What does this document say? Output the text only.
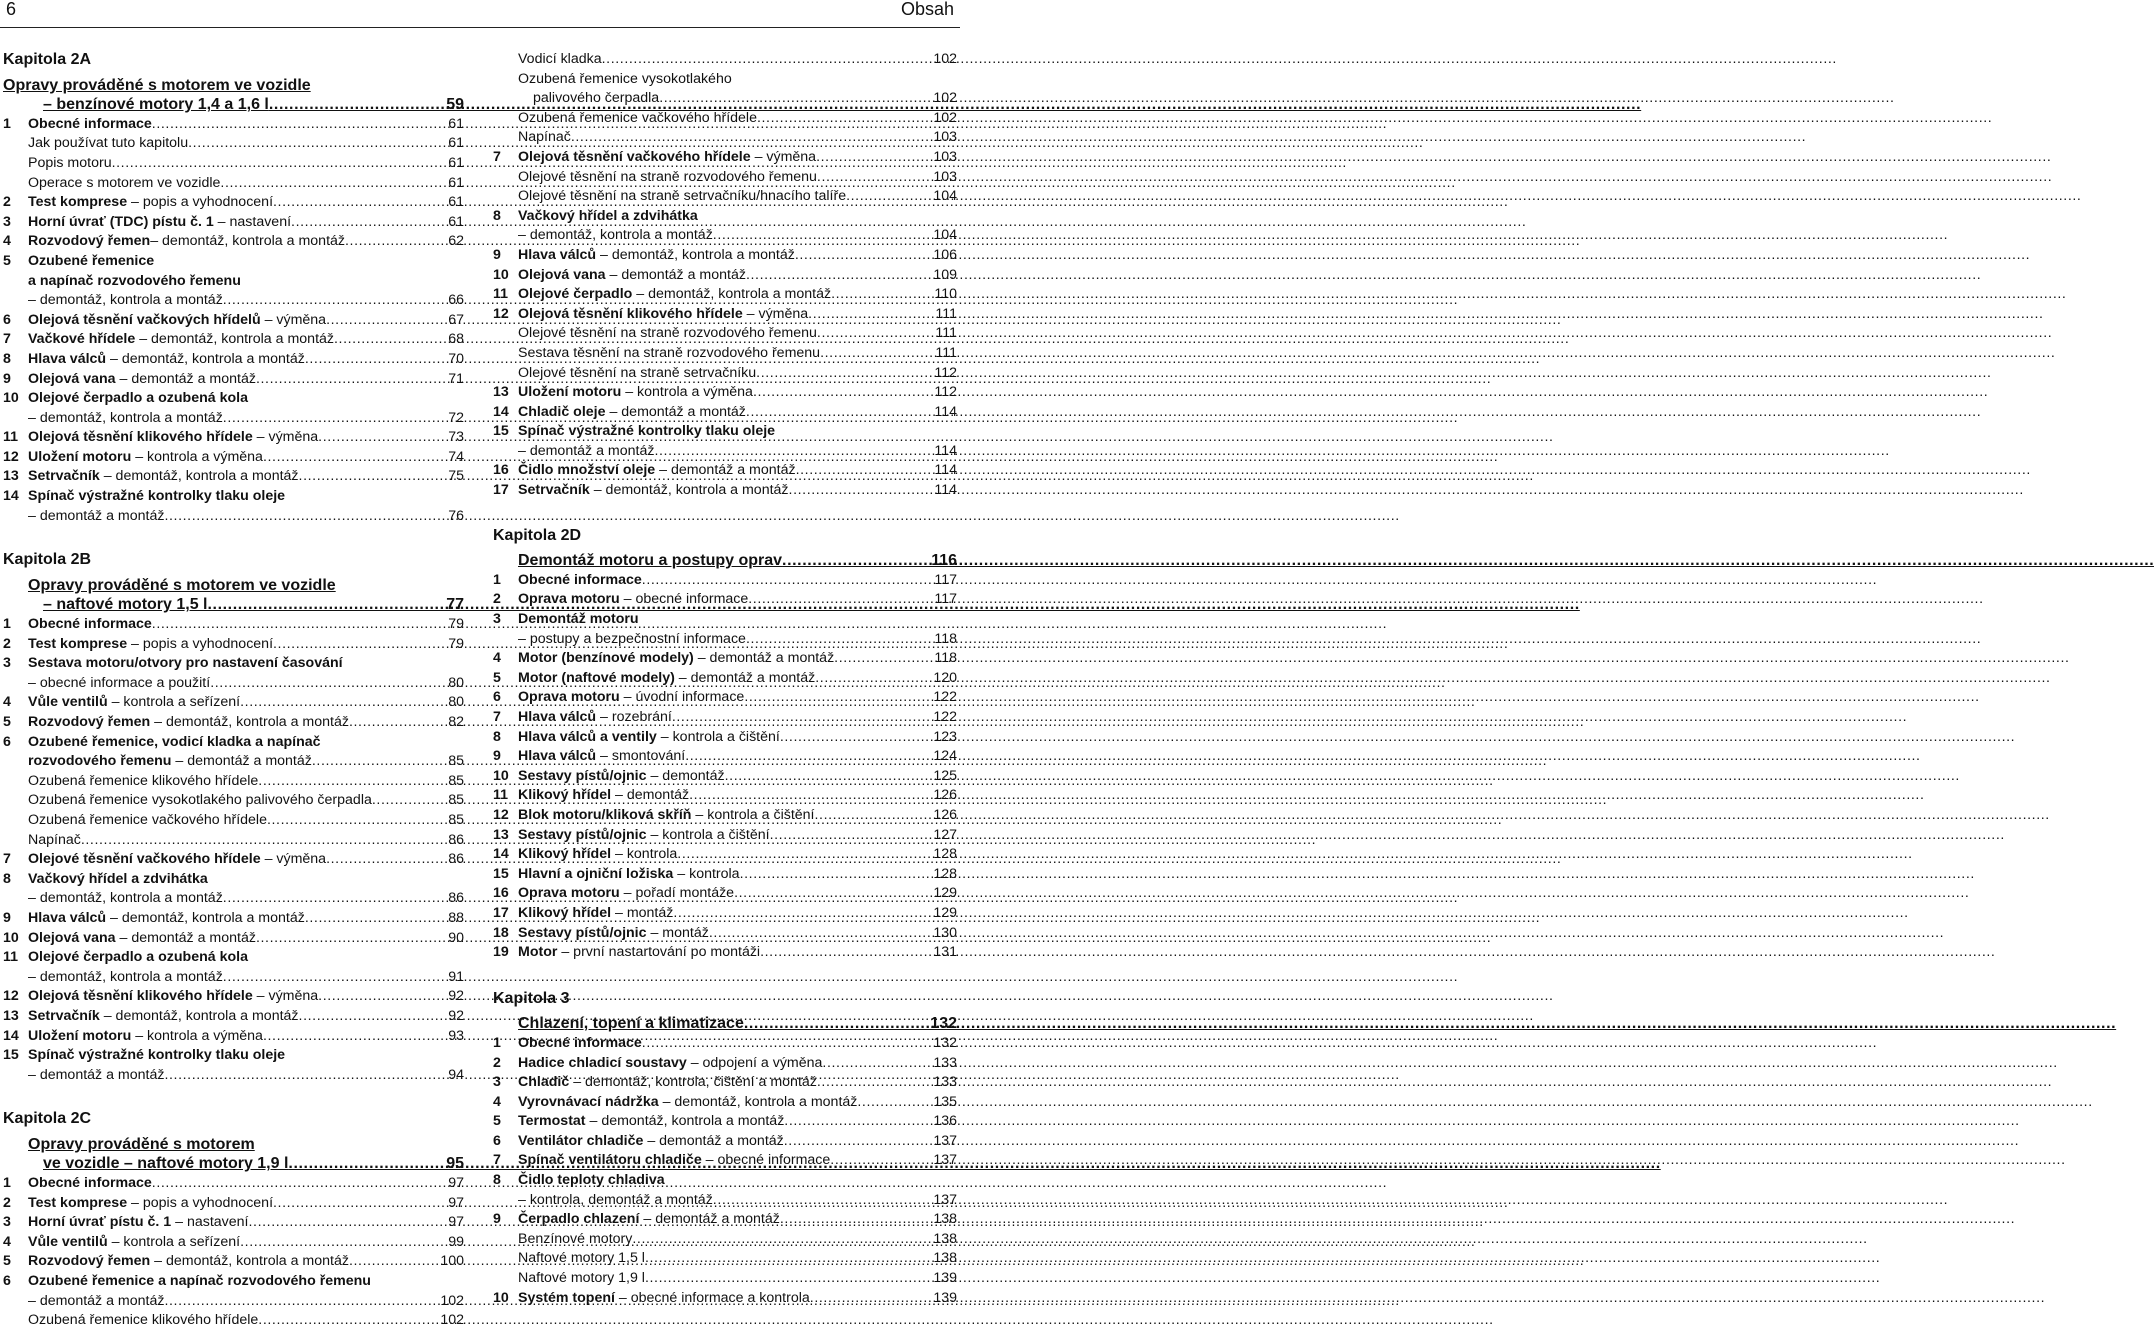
6	Obsah
Kapitola 2A
Opravy prováděné s motorem ve vozidle
– benzínové motory 1,4 a 1,6 l .....	59
1	Obecné informace .....	61
Jak používat tuto kapitolu .....	61
Popis motoru .....	61
Operace s motorem ve vozidle .....	61
2	Test komprese – popis a vyhodnocení .....	61
3	Horní úvrať (TDC) pístu č. 1 – nastavení .....	61
4	Rozvodový řemen – demontáž, kontrola a montáž .....	62
5	Ozubené řemenice
a napínač rozvodového řemenu
– demontáž, kontrola a montáž .....	66
6	Olejová těsnění vačkových hřídelů – výměna .....	67
7	Vačkové hřídele – demontáž, kontrola a montáž .....	68
8	Hlava válců – demontáž, kontrola a montáž .....	70
9	Olejová vana – demontáž a montáž .....	71
10 Olejové čerpadlo a ozubená kola
– demontáž, kontrola a montáž .....	72
11 Olejová těsnění klikového hřídele – výměna .....	73
12 Uložení motoru – kontrola a výměna .....	74
13 Setrvačník – demontáž, kontrola a montáž .....	75
14 Spínač výstražné kontrolky tlaku oleje
– demontáž a montáž .....	76
Kapitola 2B
Opravy prováděné s motorem ve vozidle
– naftové motory 1,5 l .....	77
1	Obecné informace .....	79
2	Test komprese – popis a vyhodnocení .....	79
3	Sestava motoru/otvory pro nastavení časování
– obecné informace a použití .....	80
4	Vůle ventilů – kontrola a seřízení .....	80
5	Rozvodový řemen – demontáž, kontrola a montáž .....	82
6	Ozubené řemenice, vodicí kladka a napínač
rozvodového řemenu – demontáž a montáž .....	85
Ozubená řemenice klikového hřídele .....	85
Ozubená řemenice vysokotlakého palivového čerpadla .....	85
Ozubená řemenice vačkového hřídele .....	85
Napínač .....	86
7	Olejové těsnění vačkového hřídele – výměna .....	86
8	Vačkový hřídel a zdvihátka
– demontáž, kontrola a montáž .....	86
9	Hlava válců – demontáž, kontrola a montáž .....	88
10 Olejová vana – demontáž a montáž .....	90
11 Olejové čerpadlo a ozubená kola
– demontáž, kontrola a montáž .....	91
12 Olejová těsnění klikového hřídele – výměna .....	92
13 Setrvačník – demontáž, kontrola a montáž .....	92
14 Uložení motoru – kontrola a výměna .....	93
15 Spínač výstražné kontrolky tlaku oleje
– demontáž a montáž .....	94
Kapitola 2C
Opravy prováděné s motorem
ve vozidle – naftové motory 1,9 l .....	95
1	Obecné informace .....	97
2	Test komprese – popis a vyhodnocení .....	97
3	Horní úvrať pístu č. 1 – nastavení .....	97
4	Vůle ventilů – kontrola a seřízení .....	99
5	Rozvodový řemen – demontáž, kontrola a montáž .....	100
6	Ozubené řemenice a napínač rozvodového řemenu
– demontáž a montáž .....	102
Ozubená řemenice klikového hřídele .....	102
Vodicí kladka .....	102
Ozubená řemenice vysokotlakého
palivového čerpadla .....	102
Ozubená řemenice vačkového hřídele .....	102
Napínač .....	103
7	Olejová těsnění vačkového hřídele – výměna .....	103
Olejové těsnění na straně rozvodového řemenu .....	103
Olejové těsnění na straně setrvačníku/hnacího talíře .....	104
8	Vačkový hřídel a zdvihátka
– demontáž, kontrola a montáž .....	104
9	Hlava válců – demontáž, kontrola a montáž .....	106
10 Olejová vana – demontáž a montáž .....	109
11 Olejové čerpadlo – demontáž, kontrola a montáž .....	110
12 Olejová těsnění klikového hřídele – výměna .....	111
Olejové těsnění na straně rozvodového řemenu .....	111
Sestava těsnění na straně rozvodového řemenu .....	111
Olejové těsnění na straně setrvačníku .....	112
13 Uložení motoru – kontrola a výměna .....	112
14 Chladič oleje – demontáž a montáž .....	114
15 Spínač výstražné kontrolky tlaku oleje
– demontáž a montáž .....	114
16 Čidlo množství oleje – demontáž a montáž .....	114
17 Setrvačník – demontáž, kontrola a montáž .....	114
Kapitola 2D
Demontáž motoru a postupy oprav .....	116
1	Obecné informace .....	117
2	Oprava motoru – obecné informace .....	117
3	Demontáž motoru
– postupy a bezpečnostní informace .....	118
4	Motor (benzínové modely) – demontáž a montáž .....	118
5	Motor (naftové modely) – demontáž a montáž .....	120
6	Oprava motoru – úvodní informace .....	122
7	Hlava válců – rozebrání .....	122
8	Hlava válců a ventily – kontrola a čištění .....	123
9	Hlava válců – smontování .....	124
10 Sestavy pístů/ojnic – demontáž .....	125
11 Klikový hřídel – demontáž .....	126
12 Blok motoru/kliková skříň – kontrola a čištění .....	126
13 Sestavy pístů/ojnic – kontrola a čištění .....	127
14 Klikový hřídel – kontrola .....	128
15 Hlavní a ojniční ložiska – kontrola .....	128
16 Oprava motoru – pořadí montáže .....	129
17 Klikový hřídel – montáž .....	129
18 Sestavy pístů/ojnic – montáž .....	130
19 Motor – první nastartování po montáži .....	131
Kapitola 3
Chlazení, topení a klimatizace .....	132
1	Obecné informace .....	132
2	Hadice chladicí soustavy – odpojení a výměna .....	133
3	Chladič – demontáž, kontrola, čištění a montáž .....	133
4	Vyrovnávací nádržka – demontáž, kontrola a montáž .....	135
5	Termostat – demontáž, kontrola a montáž .....	136
6	Ventilátor chladiče – demontáž a montáž .....	137
7	Spínač ventilátoru chladiče – obecné informace .....	137
8	Čidlo teploty chladiva
– kontrola, demontáž a montáž .....	137
9	Čerpadlo chlazení – demontáž a montáž .....	138
Benzínové motory .....	138
Naftové motory 1,5 l .....	138
Naftové motory 1,9 l .....	139
10 Systém topení – obecné informace a kontrola .....	139
